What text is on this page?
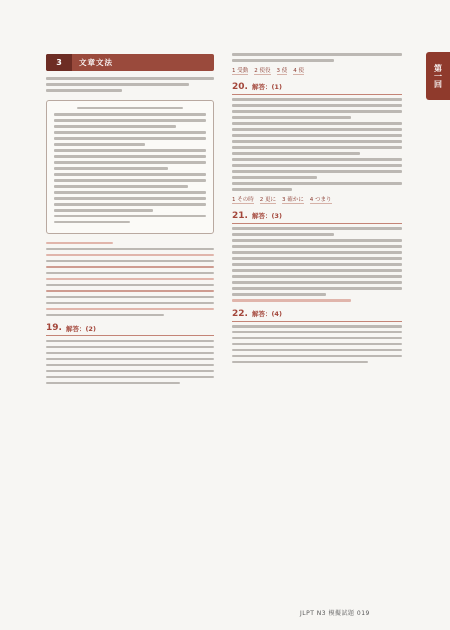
第一回
3	文章文法
19. 解答：(2)
1 受動 2 使役 3 使 4 使
20. 解答：(1)
1 その時 2 更に 3 確かに 4 つまり
21. 解答：(3)
22. 解答：(4)
JLPT N3 模擬試題 019
